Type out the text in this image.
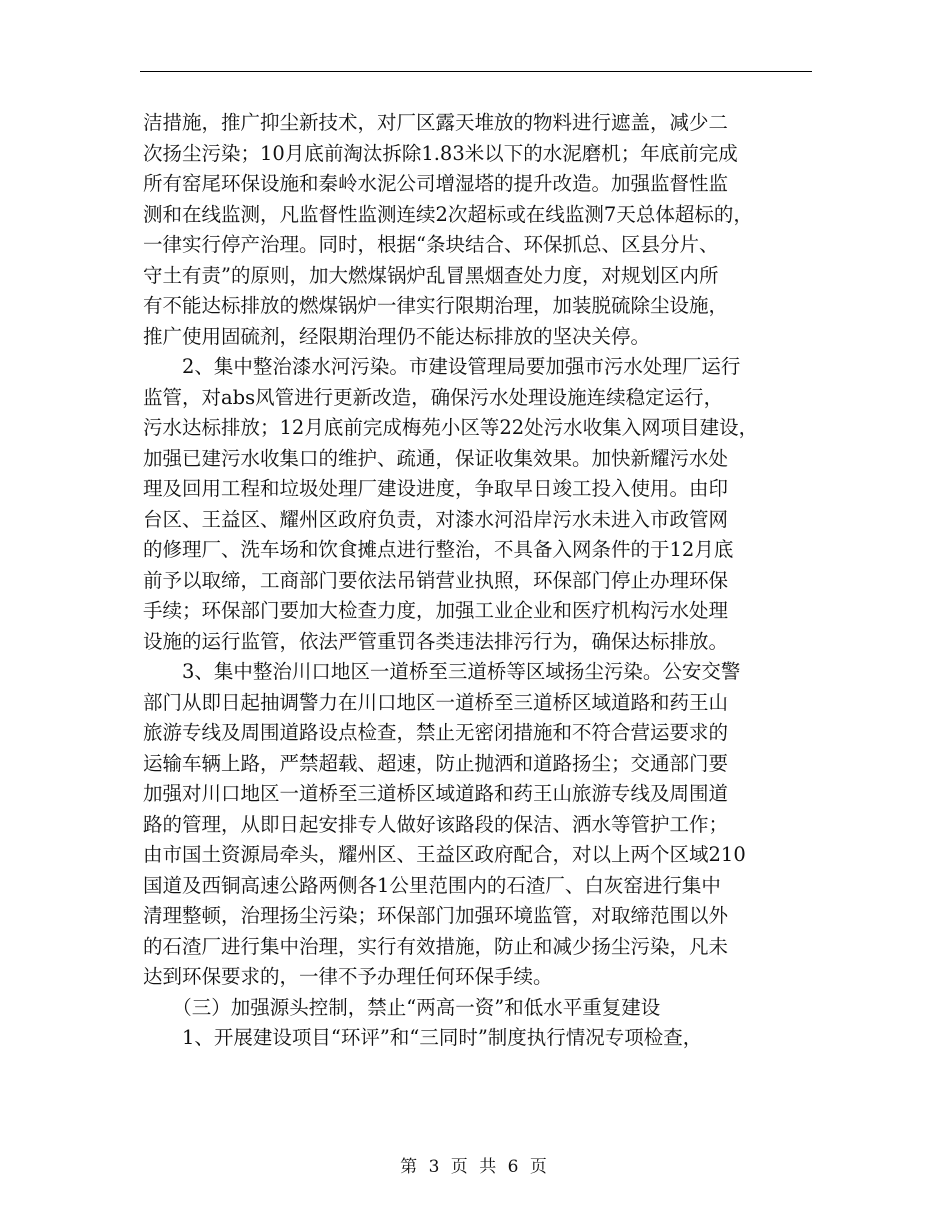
洁措施，推广抑尘新技术，对厂区露天堆放的物料进行遮盖，减少二
次扬尘污染；10月底前淘汰拆除1.83米以下的水泥磨机；年底前完成
所有窑尾环保设施和秦岭水泥公司增湿塔的提升改造。加强监督性监
测和在线监测，凡监督性监测连续2次超标或在线监测7天总体超标的，
一律实行停产治理。同时，根据“条块结合、环保抓总、区县分片、
守土有责”的原则，加大燃煤锅炉乱冒黑烟查处力度，对规划区内所
有不能达标排放的燃煤锅炉一律实行限期治理，加装脱硫除尘设施，
推广使用固硫剂，经限期治理仍不能达标排放的坚决关停。
　　2、集中整治漆水河污染。市建设管理局要加强市污水处理厂运行
监管，对abs风管进行更新改造，确保污水处理设施连续稳定运行，
污水达标排放；12月底前完成梅苑小区等22处污水收集入网项目建设，
加强已建污水收集口的维护、疏通，保证收集效果。加快新耀污水处
理及回用工程和垃圾处理厂建设进度，争取早日竣工投入使用。由印
台区、王益区、耀州区政府负责，对漆水河沿岸污水未进入市政管网
的修理厂、洗车场和饮食摊点进行整治，不具备入网条件的于12月底
前予以取缔，工商部门要依法吊销营业执照，环保部门停止办理环保
手续；环保部门要加大检查力度，加强工业企业和医疗机构污水处理
设施的运行监管，依法严管重罚各类违法排污行为，确保达标排放。
　　3、集中整治川口地区一道桥至三道桥等区域扬尘污染。公安交警
部门从即日起抽调警力在川口地区一道桥至三道桥区域道路和药王山
旅游专线及周围道路设点检查，禁止无密闭措施和不符合营运要求的
运输车辆上路，严禁超载、超速，防止抛洒和道路扬尘；交通部门要
加强对川口地区一道桥至三道桥区域道路和药王山旅游专线及周围道
路的管理，从即日起安排专人做好该路段的保洁、洒水等管护工作；
由市国土资源局牵头，耀州区、王益区政府配合，对以上两个区域210
国道及西铜高速公路两侧各1公里范围内的石渣厂、白灰窑进行集中
清理整顿，治理扬尘污染；环保部门加强环境监管，对取缔范围以外
的石渣厂进行集中治理，实行有效措施，防止和减少扬尘污染，凡未
达到环保要求的，一律不予办理任何环保手续。
　　（三）加强源头控制，禁止“两高一资”和低水平重复建设
　　1、开展建设项目“环评”和“三同时”制度执行情况专项检查，
第 3 页 共 6 页
